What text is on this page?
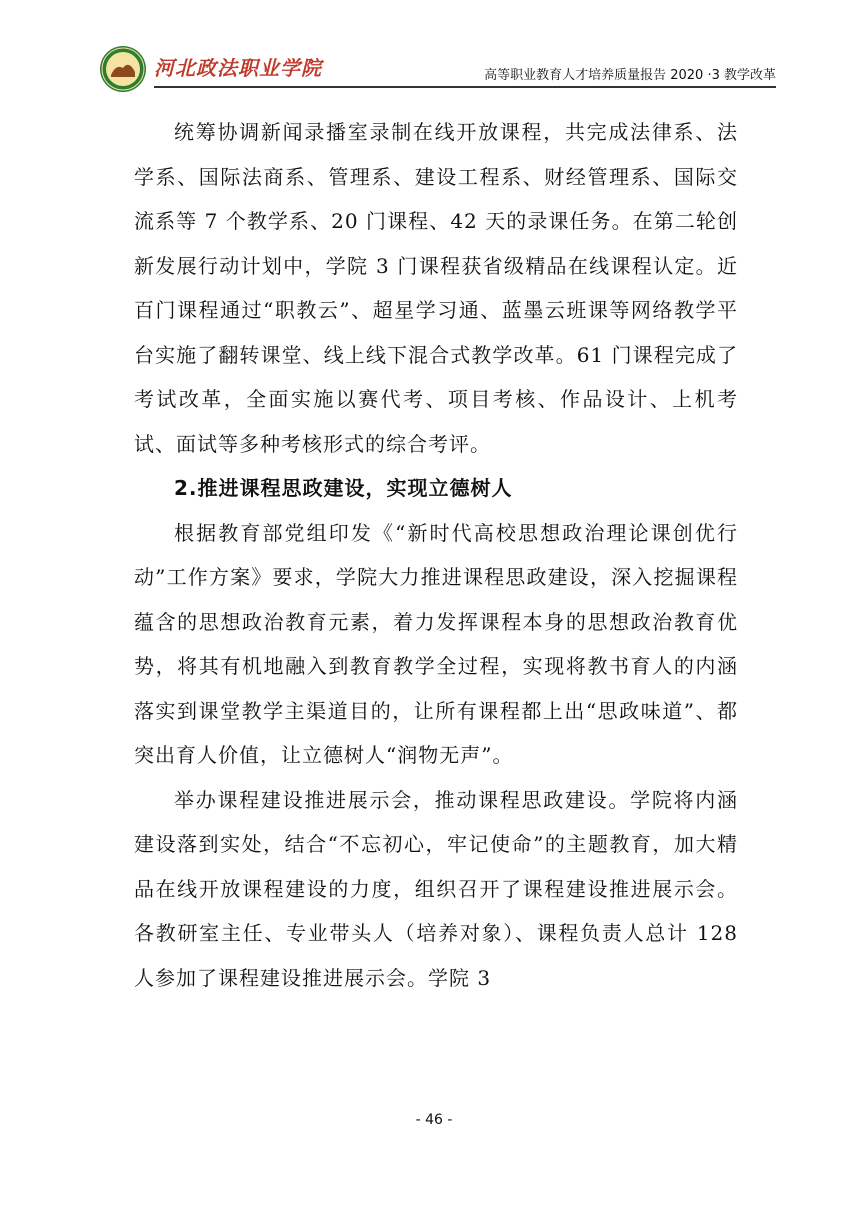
河北政法职业学院	高等职业教育人才培养质量报告 2020 ·3 教学改革

统筹协调新闻录播室录制在线开放课程，共完成法律系、法学系、国际法商系、管理系、建设工程系、财经管理系、国际交流系等 7 个教学系、20 门课程、42 天的录课任务。在第二轮创新发展行动计划中，学院 3 门课程获省级精品在线课程认定。近百门课程通过“职教云”、超星学习通、蓝墨云班课等网络教学平台实施了翻转课堂、线上线下混合式教学改革。61 门课程完成了考试改革，全面实施以赛代考、项目考核、作品设计、上机考试、面试等多种考核形式的综合考评。

2.推进课程思政建设，实现立德树人

根据教育部党组印发《“新时代高校思想政治理论课创优行动”工作方案》要求，学院大力推进课程思政建设，深入挖掘课程蕴含的思想政治教育元素，着力发挥课程本身的思想政治教育优势，将其有机地融入到教育教学全过程，实现将教书育人的内涵落实到课堂教学主渠道目的，让所有课程都上出“思政味道”、都突出育人价值，让立德树人“润物无声”。

举办课程建设推进展示会，推动课程思政建设。学院将内涵建设落到实处，结合“不忘初心，牢记使命”的主题教育，加大精品在线开放课程建设的力度，组织召开了课程建设推进展示会。各教研室主任、专业带头人（培养对象）、课程负责人总计 128 人参加了课程建设推进展示会。学院 3

- 46 -
